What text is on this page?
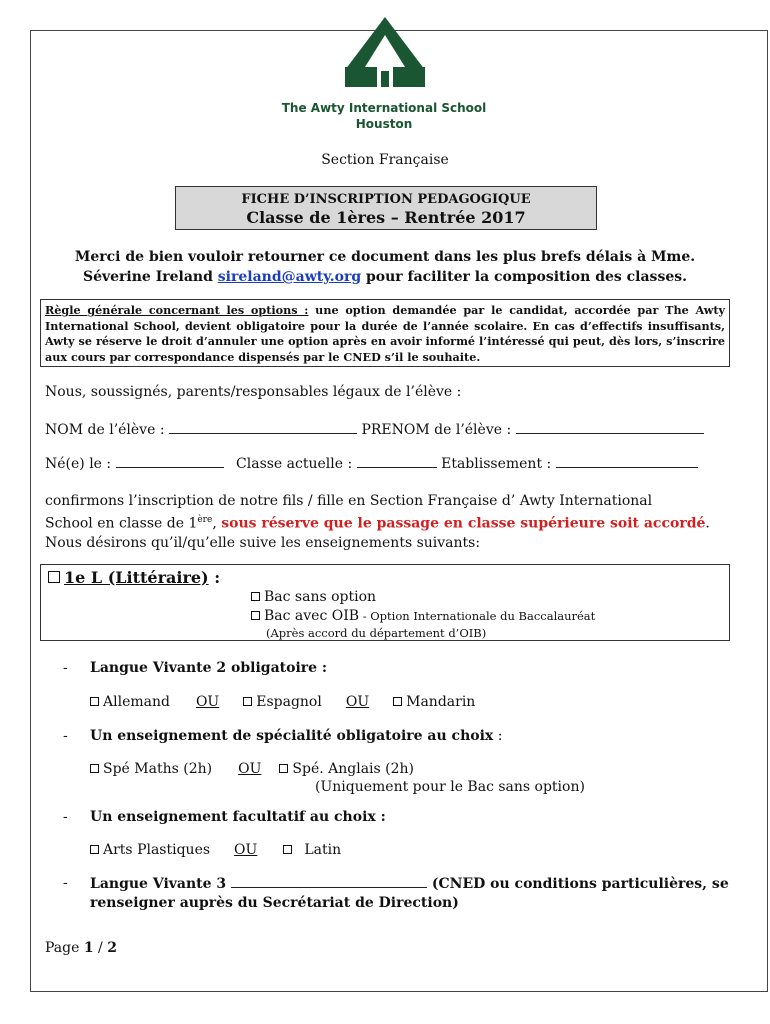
The Awty International School
Houston
Section Française
FICHE D’INSCRIPTION PEDAGOGIQUE
Classe de 1ères – Rentrée 2017
Merci de bien vouloir retourner ce document dans les plus brefs délais à Mme.
Séverine Ireland sireland@awty.org pour faciliter la composition des classes.
Règle générale concernant les options : une option demandée par le candidat, accordée par The Awty International School, devient obligatoire pour la durée de l’année scolaire. En cas d’effectifs insuffisants, Awty se réserve le droit d’annuler une option après en avoir informé l’intéressé qui peut, dès lors, s’inscrire aux cours par correspondance dispensés par le CNED s’il le souhaite.
Nous, soussignés, parents/responsables légaux de l’élève :
NOM de l’élève :	PRENOM de l’élève :
Né(e) le :	Classe actuelle :	Etablissement :
confirmons l’inscription de notre fils / fille en Section Française d’ Awty International
School en classe de 1ère, sous réserve que le passage en classe supérieure soit accordé.
Nous désirons qu’il/qu’elle suive les enseignements suivants:
1e L (Littéraire) :
Bac sans option
Bac avec OIB - Option Internationale du Baccalauréat
(Après accord du département d’OIB)
- Langue Vivante 2 obligatoire :
Allemand OU	Espagnol OU	Mandarin
- Un enseignement de spécialité obligatoire au choix :
Spé Maths (2h) OU Spé. Anglais (2h)
(Uniquement pour le Bac sans option)
- Un enseignement facultatif au choix :
Arts Plastiques OU	Latin
- Langue Vivante 3	(CNED ou conditions particulières, se
renseigner auprès du Secrétariat de Direction)
Page 1 / 2
